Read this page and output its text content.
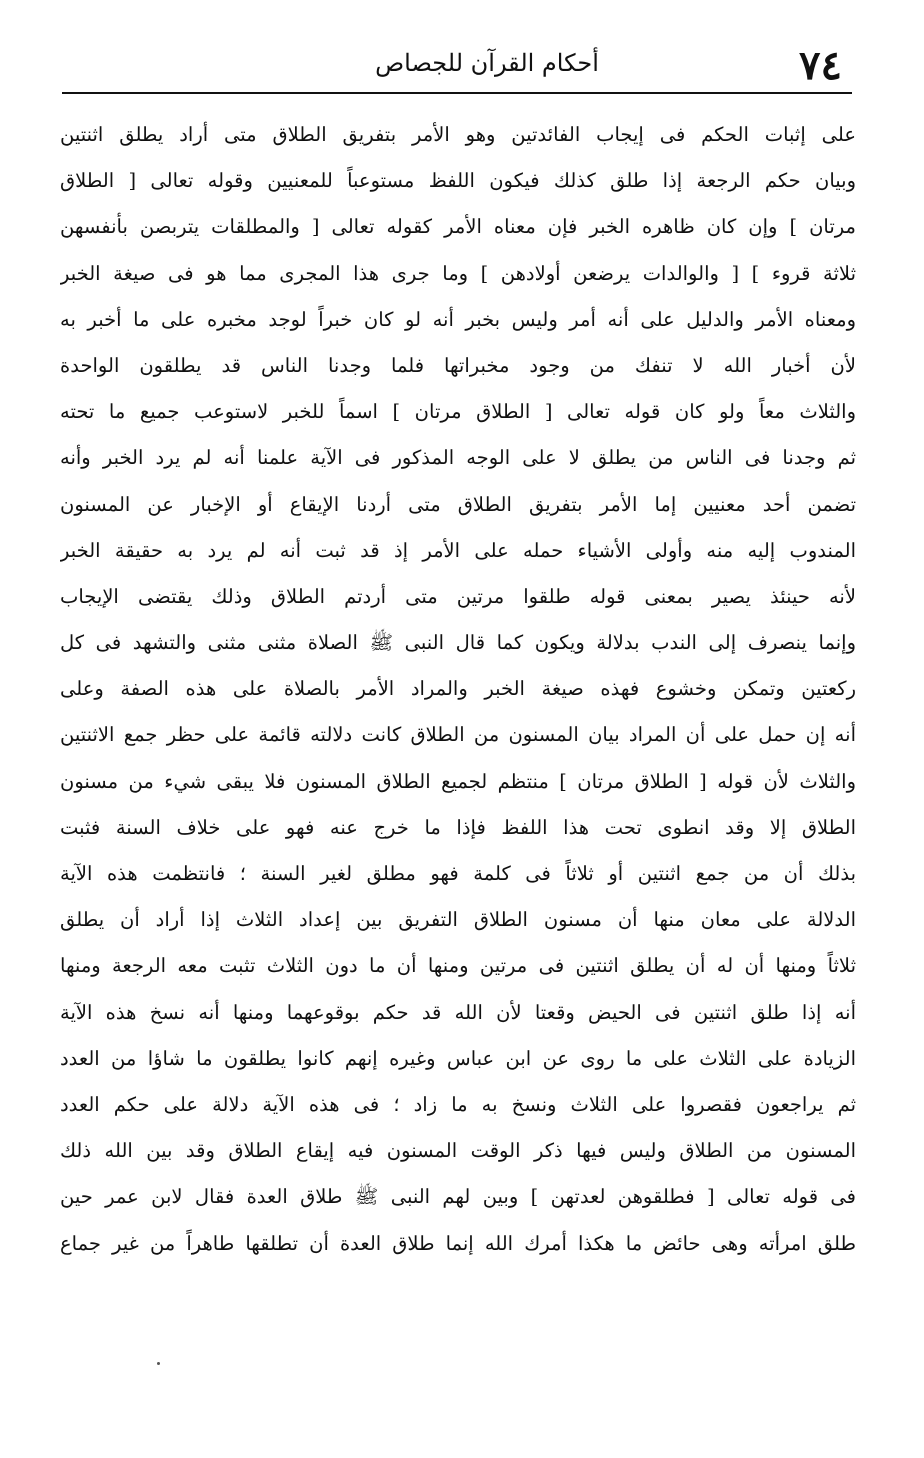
٧٤
أحكام القرآن للجصاص
على إثبات الحكم فى إيجاب الفائدتين وهو الأمر بتفريق الطلاق متى أراد يطلق اثنتين
وبيان حكم الرجعة إذا طلق كذلك فيكون اللفظ مستوعباً للمعنيين وقوله تعالى [ الطلاق
مرتان ] وإن كان ظاهره الخبر فإن معناه الأمر كقوله تعالى [ والمطلقات يتربصن بأنفسهن
ثلاثة قروء ] [ والوالدات يرضعن أولادهن ] وما جرى هذا المجرى مما هو فى صيغة الخبر
ومعناه الأمر والدليل على أنه أمر وليس بخبر أنه لو كان خبراً لوجد مخبره على ما أخبر به
لأن أخبار الله لا تنفك من وجود مخبراتها فلما وجدنا الناس قد يطلقون الواحدة
والثلاث معاً ولو كان قوله تعالى [ الطلاق مرتان ] اسماً للخبر لاستوعب جميع ما تحته
ثم وجدنا فى الناس من يطلق لا على الوجه المذكور فى الآية علمنا أنه لم يرد الخبر وأنه
تضمن أحد معنيين إما الأمر بتفريق الطلاق متى أردنا الإيقاع أو الإخبار عن المسنون
المندوب إليه منه وأولى الأشياء حمله على الأمر إذ قد ثبت أنه لم يرد به حقيقة الخبر
لأنه حينئذ يصير بمعنى قوله طلقوا مرتين متى أردتم الطلاق وذلك يقتضى الإيجاب
وإنما ينصرف إلى الندب بدلالة ويكون كما قال النبى ﷺ الصلاة مثنى مثنى والتشهد فى كل
ركعتين وتمكن وخشوع فهذه صيغة الخبر والمراد الأمر بالصلاة على هذه الصفة وعلى
أنه إن حمل على أن المراد بيان المسنون من الطلاق كانت دلالته قائمة على حظر جمع الاثنتين
والثلاث لأن قوله [ الطلاق مرتان ] منتظم لجميع الطلاق المسنون فلا يبقى شيء من مسنون
الطلاق إلا وقد انطوى تحت هذا اللفظ فإذا ما خرج عنه فهو على خلاف السنة فثبت
بذلك أن من جمع اثنتين أو ثلاثاً فى كلمة فهو مطلق لغير السنة ؛ فانتظمت هذه الآية
الدلالة على معان منها أن مسنون الطلاق التفريق بين إعداد الثلاث إذا أراد أن يطلق
ثلاثاً ومنها أن له أن يطلق اثنتين فى مرتين ومنها أن ما دون الثلاث تثبت معه الرجعة ومنها
أنه إذا طلق اثنتين فى الحيض وقعتا لأن الله قد حكم بوقوعهما ومنها أنه نسخ هذه الآية
الزيادة على الثلاث على ما روى عن ابن عباس وغيره إنهم كانوا يطلقون ما شاؤا من العدد
ثم يراجعون فقصروا على الثلاث ونسخ به ما زاد ؛ فى هذه الآية دلالة على حكم العدد
المسنون من الطلاق وليس فيها ذكر الوقت المسنون فيه إيقاع الطلاق وقد بين الله ذلك
فى قوله تعالى [ فطلقوهن لعدتهن ] وبين لهم النبى ﷺ طلاق العدة فقال لابن عمر حين
طلق امرأته وهى حائض ما هكذا أمرك الله إنما طلاق العدة أن تطلقها طاهراً من غير جماع
